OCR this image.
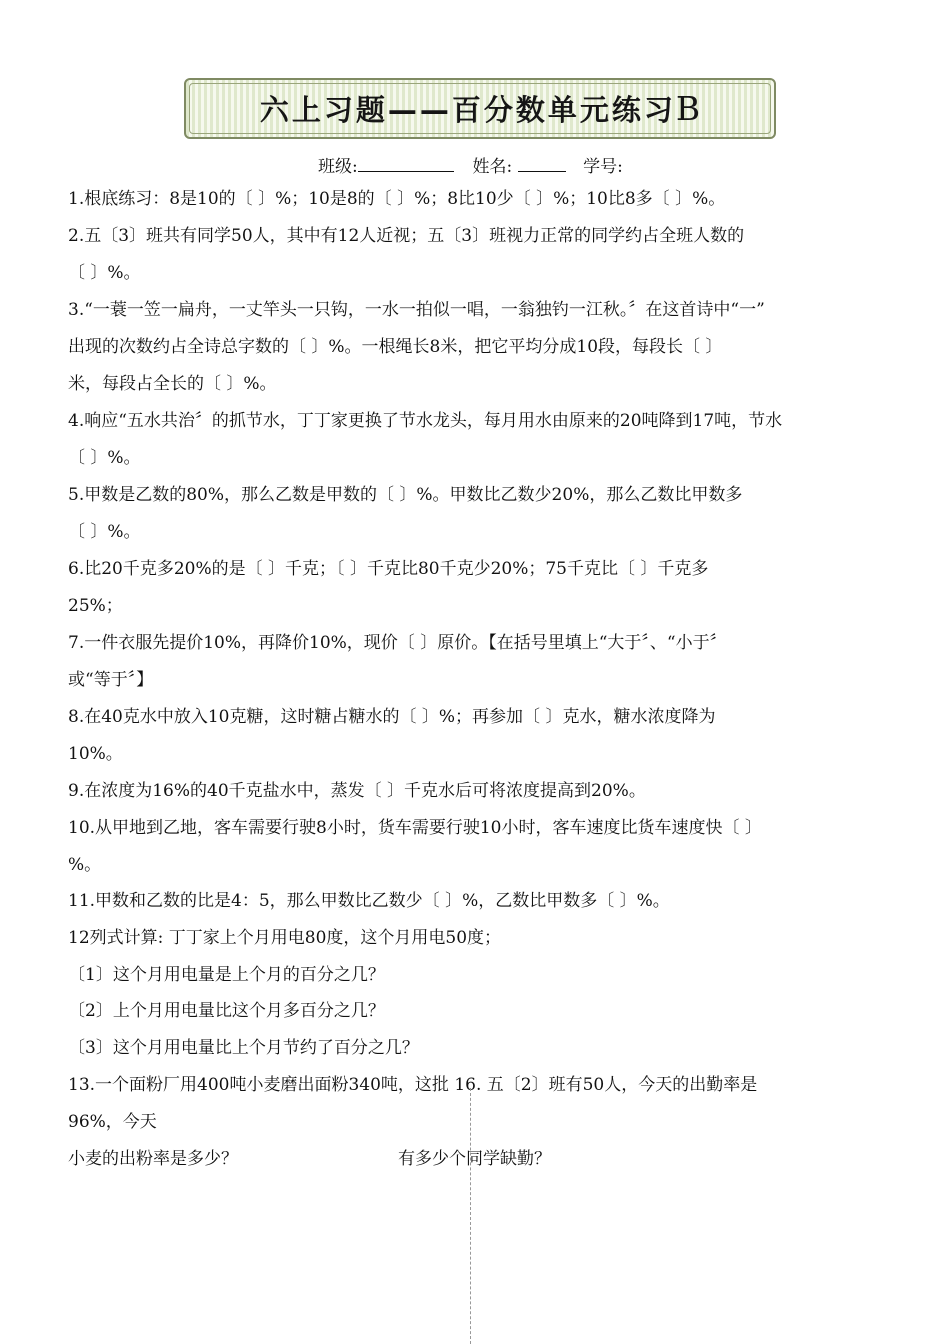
六上习题——百分数单元练习B
班级:	姓名:	学号:
1.根底练习：8是10的〔 〕%；10是8的〔 〕%；8比10少〔 〕%；10比8多〔 〕%。
2.五〔3〕班共有同学50人，其中有12人近视；五〔3〕班视力正常的同学约占全班人数的
〔 〕%。
3.“一蓑一笠一扁舟，一丈竿头一只钩，一水一拍似一唱，一翁独钓一江秋。〞在这首诗中“一”
出现的次数约占全诗总字数的〔 〕%。一根绳长8米，把它平均分成10段，每段长〔 〕
米，每段占全长的〔 〕%。
4.响应“五水共治〞的抓节水，丁丁家更换了节水龙头，每月用水由原来的20吨降到17吨，节水
〔 〕%。
5.甲数是乙数的80%，那么乙数是甲数的〔 〕%。甲数比乙数少20%，那么乙数比甲数多
〔 〕%。
6.比20千克多20%的是〔 〕千克；〔 〕千克比80千克少20%；75千克比〔 〕千克多
25%；
7.一件衣服先提价10%，再降价10%，现价〔 〕原价。【在括号里填上“大于〞、“小于〞
或“等于〞】
8.在40克水中放入10克糖，这时糖占糖水的〔 〕%；再参加〔 〕克水，糖水浓度降为
10%。
9.在浓度为16%的40千克盐水中，蒸发〔 〕千克水后可将浓度提高到20%。
10.从甲地到乙地，客车需要行驶8小时，货车需要行驶10小时，客车速度比货车速度快〔 〕
%。
11.甲数和乙数的比是4：5，那么甲数比乙数少〔 〕%，乙数比甲数多〔 〕%。
12列式计算: 丁丁家上个月用电80度，这个月用电50度；
〔1〕这个月用电量是上个月的百分之几？
〔2〕上个月用电量比这个月多百分之几？
〔3〕这个月用电量比上个月节约了百分之几？
13.一个面粉厂用400吨小麦磨出面粉340吨，这批 16. 五〔2〕班有50人，今天的出勤率是
96%，今天
小麦的出粉率是多少？	有多少个同学缺勤？
